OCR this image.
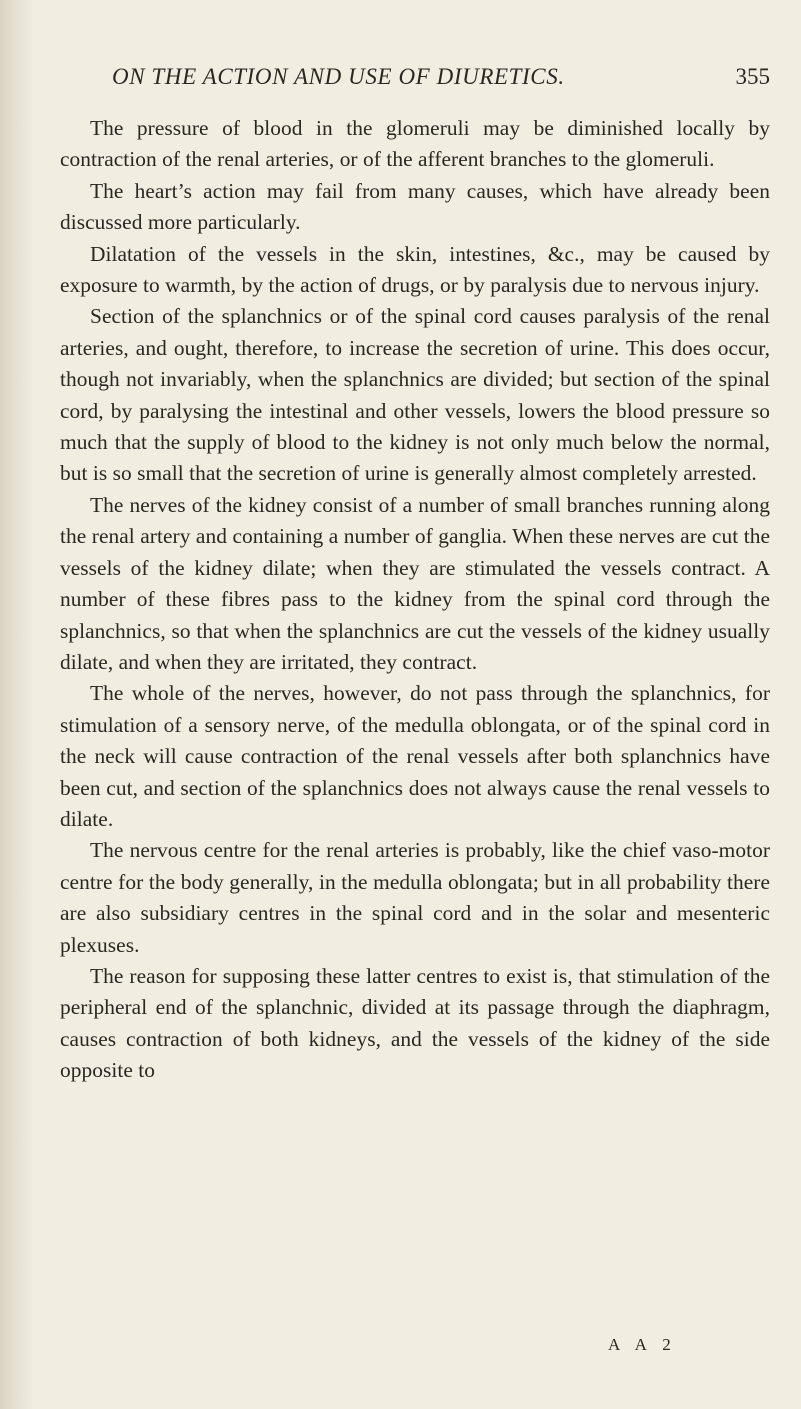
ON THE ACTION AND USE OF DIURETICS.	355

The pressure of blood in the glomeruli may be diminished locally by contraction of the renal arteries, or of the afferent branches to the glomeruli.

The heart’s action may fail from many causes, which have already been discussed more particularly.

Dilatation of the vessels in the skin, intestines, &c., may be caused by exposure to warmth, by the action of drugs, or by paralysis due to nervous injury.

Section of the splanchnics or of the spinal cord causes paralysis of the renal arteries, and ought, therefore, to increase the secretion of urine. This does occur, though not invariably, when the splanchnics are divided; but section of the spinal cord, by paralysing the intestinal and other vessels, lowers the blood pressure so much that the supply of blood to the kidney is not only much below the normal, but is so small that the secretion of urine is generally almost completely arrested.

The nerves of the kidney consist of a number of small branches running along the renal artery and containing a number of ganglia. When these nerves are cut the vessels of the kidney dilate; when they are stimulated the vessels contract. A number of these fibres pass to the kidney from the spinal cord through the splanchnics, so that when the splanchnics are cut the vessels of the kidney usually dilate, and when they are irritated, they contract.

The whole of the nerves, however, do not pass through the splanchnics, for stimulation of a sensory nerve, of the medulla oblongata, or of the spinal cord in the neck will cause contraction of the renal vessels after both splanchnics have been cut, and section of the splanchnics does not always cause the renal vessels to dilate.

The nervous centre for the renal arteries is probably, like the chief vaso-motor centre for the body generally, in the medulla oblongata; but in all probability there are also subsidiary centres in the spinal cord and in the solar and mesenteric plexuses.

The reason for supposing these latter centres to exist is, that stimulation of the peripheral end of the splanchnic, divided at its passage through the diaphragm, causes contraction of both kidneys, and the vessels of the kidney of the side opposite to

A A 2
